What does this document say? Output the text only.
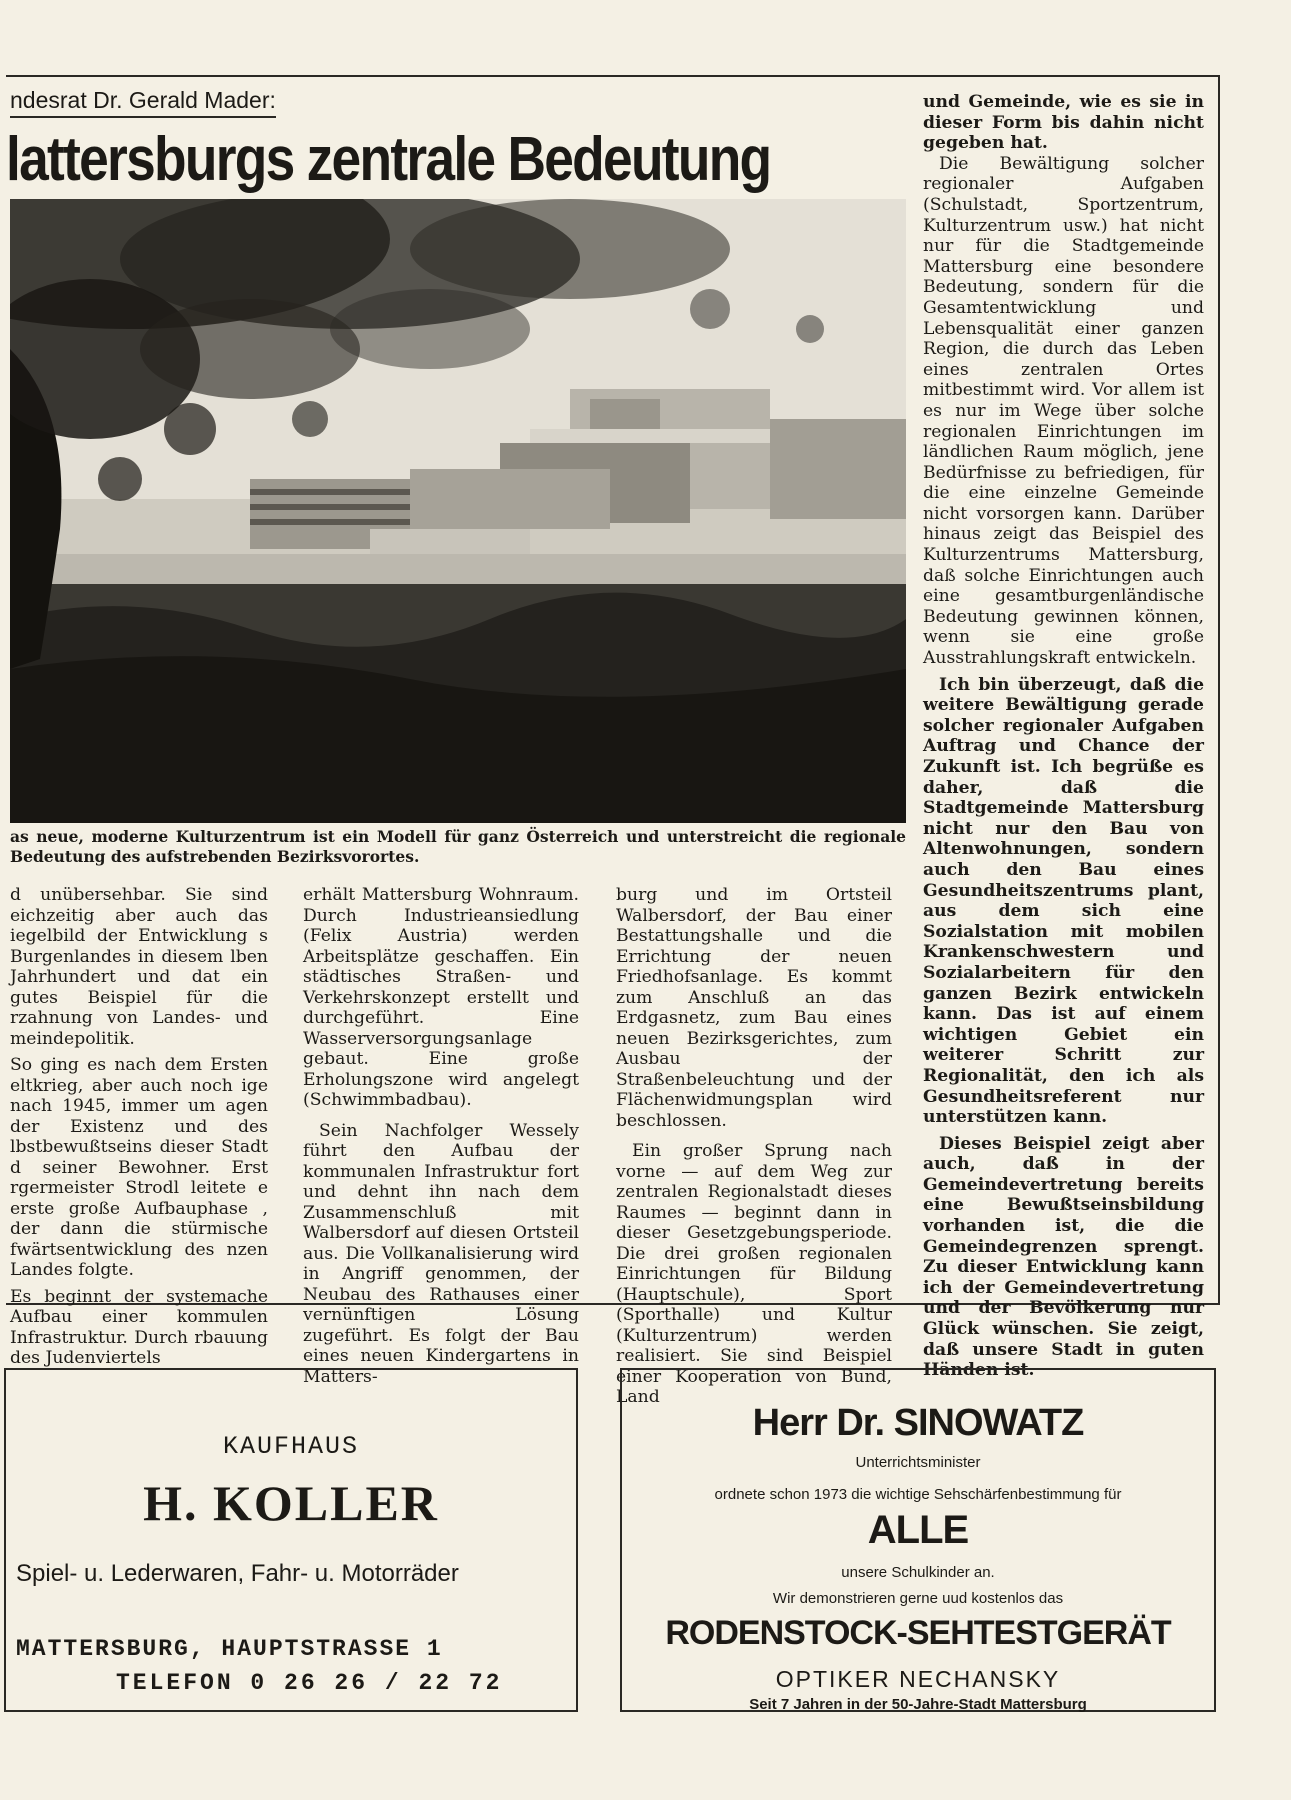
ndesrat Dr. Gerald Mader:
lattersburgs zentrale Bedeutung
as neue, moderne Kulturzentrum ist ein Modell für ganz Österreich und unterstreicht die regionale Bedeutung des aufstrebenden Bezirksvorortes.

d unübersehbar. Sie sind eichzeitig aber auch das iegelbild der Entwicklung s Burgenlandes in diesem lben Jahrhundert und dat ein gutes Beispiel für die rzahnung von Landes- und meindepolitik.

So ging es nach dem Ersten eltkrieg, aber auch noch ige nach 1945, immer um agen der Existenz und des lbstbewußtseins dieser Stadt d seiner Bewohner. Erst rgermeister Strodl leitete e erste große Aufbauphase , der dann die stürmische fwärtsentwicklung des nzen Landes folgte.

Es beginnt der systemache Aufbau einer kommulen Infrastruktur. Durch rbauung des Judenviertels

erhält Mattersburg Wohnraum. Durch Industrieansiedlung (Felix Austria) werden Arbeitsplätze geschaffen. Ein städtisches Straßen- und Verkehrskonzept erstellt und durchgeführt. Eine Wasserversorgungsanlage gebaut. Eine große Erholungszone wird angelegt (Schwimmbadbau).

Sein Nachfolger Wessely führt den Aufbau der kommunalen Infrastruktur fort und dehnt ihn nach dem Zusammenschluß mit Walbersdorf auf diesen Ortsteil aus. Die Vollkanalisierung wird in Angriff genommen, der Neubau des Rathauses einer vernünftigen Lösung zugeführt. Es folgt der Bau eines neuen Kindergartens in Matters-

burg und im Ortsteil Walbersdorf, der Bau einer Bestattungshalle und die Errichtung der neuen Friedhofsanlage. Es kommt zum Anschluß an das Erdgasnetz, zum Bau eines neuen Bezirksgerichtes, zum Ausbau der Straßenbeleuchtung und der Flächenwidmungsplan wird beschlossen.

Ein großer Sprung nach vorne — auf dem Weg zur zentralen Regionalstadt dieses Raumes — beginnt dann in dieser Gesetzgebungsperiode. Die drei großen regionalen Einrichtungen für Bildung (Hauptschule), Sport (Sporthalle) und Kultur (Kulturzentrum) werden realisiert. Sie sind Beispiel einer Kooperation von Bund, Land

und Gemeinde, wie es sie in dieser Form bis dahin nicht gegeben hat.

Die Bewältigung solcher regionaler Aufgaben (Schulstadt, Sportzentrum, Kulturzentrum usw.) hat nicht nur für die Stadtgemeinde Mattersburg eine besondere Bedeutung, sondern für die Gesamtentwicklung und Lebensqualität einer ganzen Region, die durch das Leben eines zentralen Ortes mitbestimmt wird. Vor allem ist es nur im Wege über solche regionalen Einrichtungen im ländlichen Raum möglich, jene Bedürfnisse zu befriedigen, für die eine einzelne Gemeinde nicht vorsorgen kann. Darüber hinaus zeigt das Beispiel des Kulturzentrums Mattersburg, daß solche Einrichtungen auch eine gesamtburgenländische Bedeutung gewinnen können, wenn sie eine große Ausstrahlungskraft entwickeln.

Ich bin überzeugt, daß die weitere Bewältigung gerade solcher regionaler Aufgaben Auftrag und Chance der Zukunft ist. Ich begrüße es daher, daß die Stadtgemeinde Mattersburg nicht nur den Bau von Altenwohnungen, sondern auch den Bau eines Gesundheitszentrums plant, aus dem sich eine Sozialstation mit mobilen Krankenschwestern und Sozialarbeitern für den ganzen Bezirk entwickeln kann. Das ist auf einem wichtigen Gebiet ein weiterer Schritt zur Regionalität, den ich als Gesundheitsreferent nur unterstützen kann.

Dieses Beispiel zeigt aber auch, daß in der Gemeindevertretung bereits eine Bewußtseinsbildung vorhanden ist, die die Gemeindegrenzen sprengt. Zu dieser Entwicklung kann ich der Gemeindevertretung und der Bevölkerung nur Glück wünschen. Sie zeigt, daß unsere Stadt in guten Händen ist.

KAUFHAUS
H. KOLLER
Spiel- u. Lederwaren, Fahr- u. Motorräder
MATTERSBURG, HAUPTSTRASSE 1
TELEFON 0 26 26 / 22 72
Herr Dr. SINOWATZ
Unterrichtsminister
ordnete schon 1973 die wichtige Sehschärfenbestimmung für
ALLE
unsere Schulkinder an.
Wir demonstrieren gerne uud kostenlos das
RODENSTOCK-SEHTESTGERÄT
OPTIKER NECHANSKY
Seit 7 Jahren in der 50-Jahre-Stadt Mattersburg
